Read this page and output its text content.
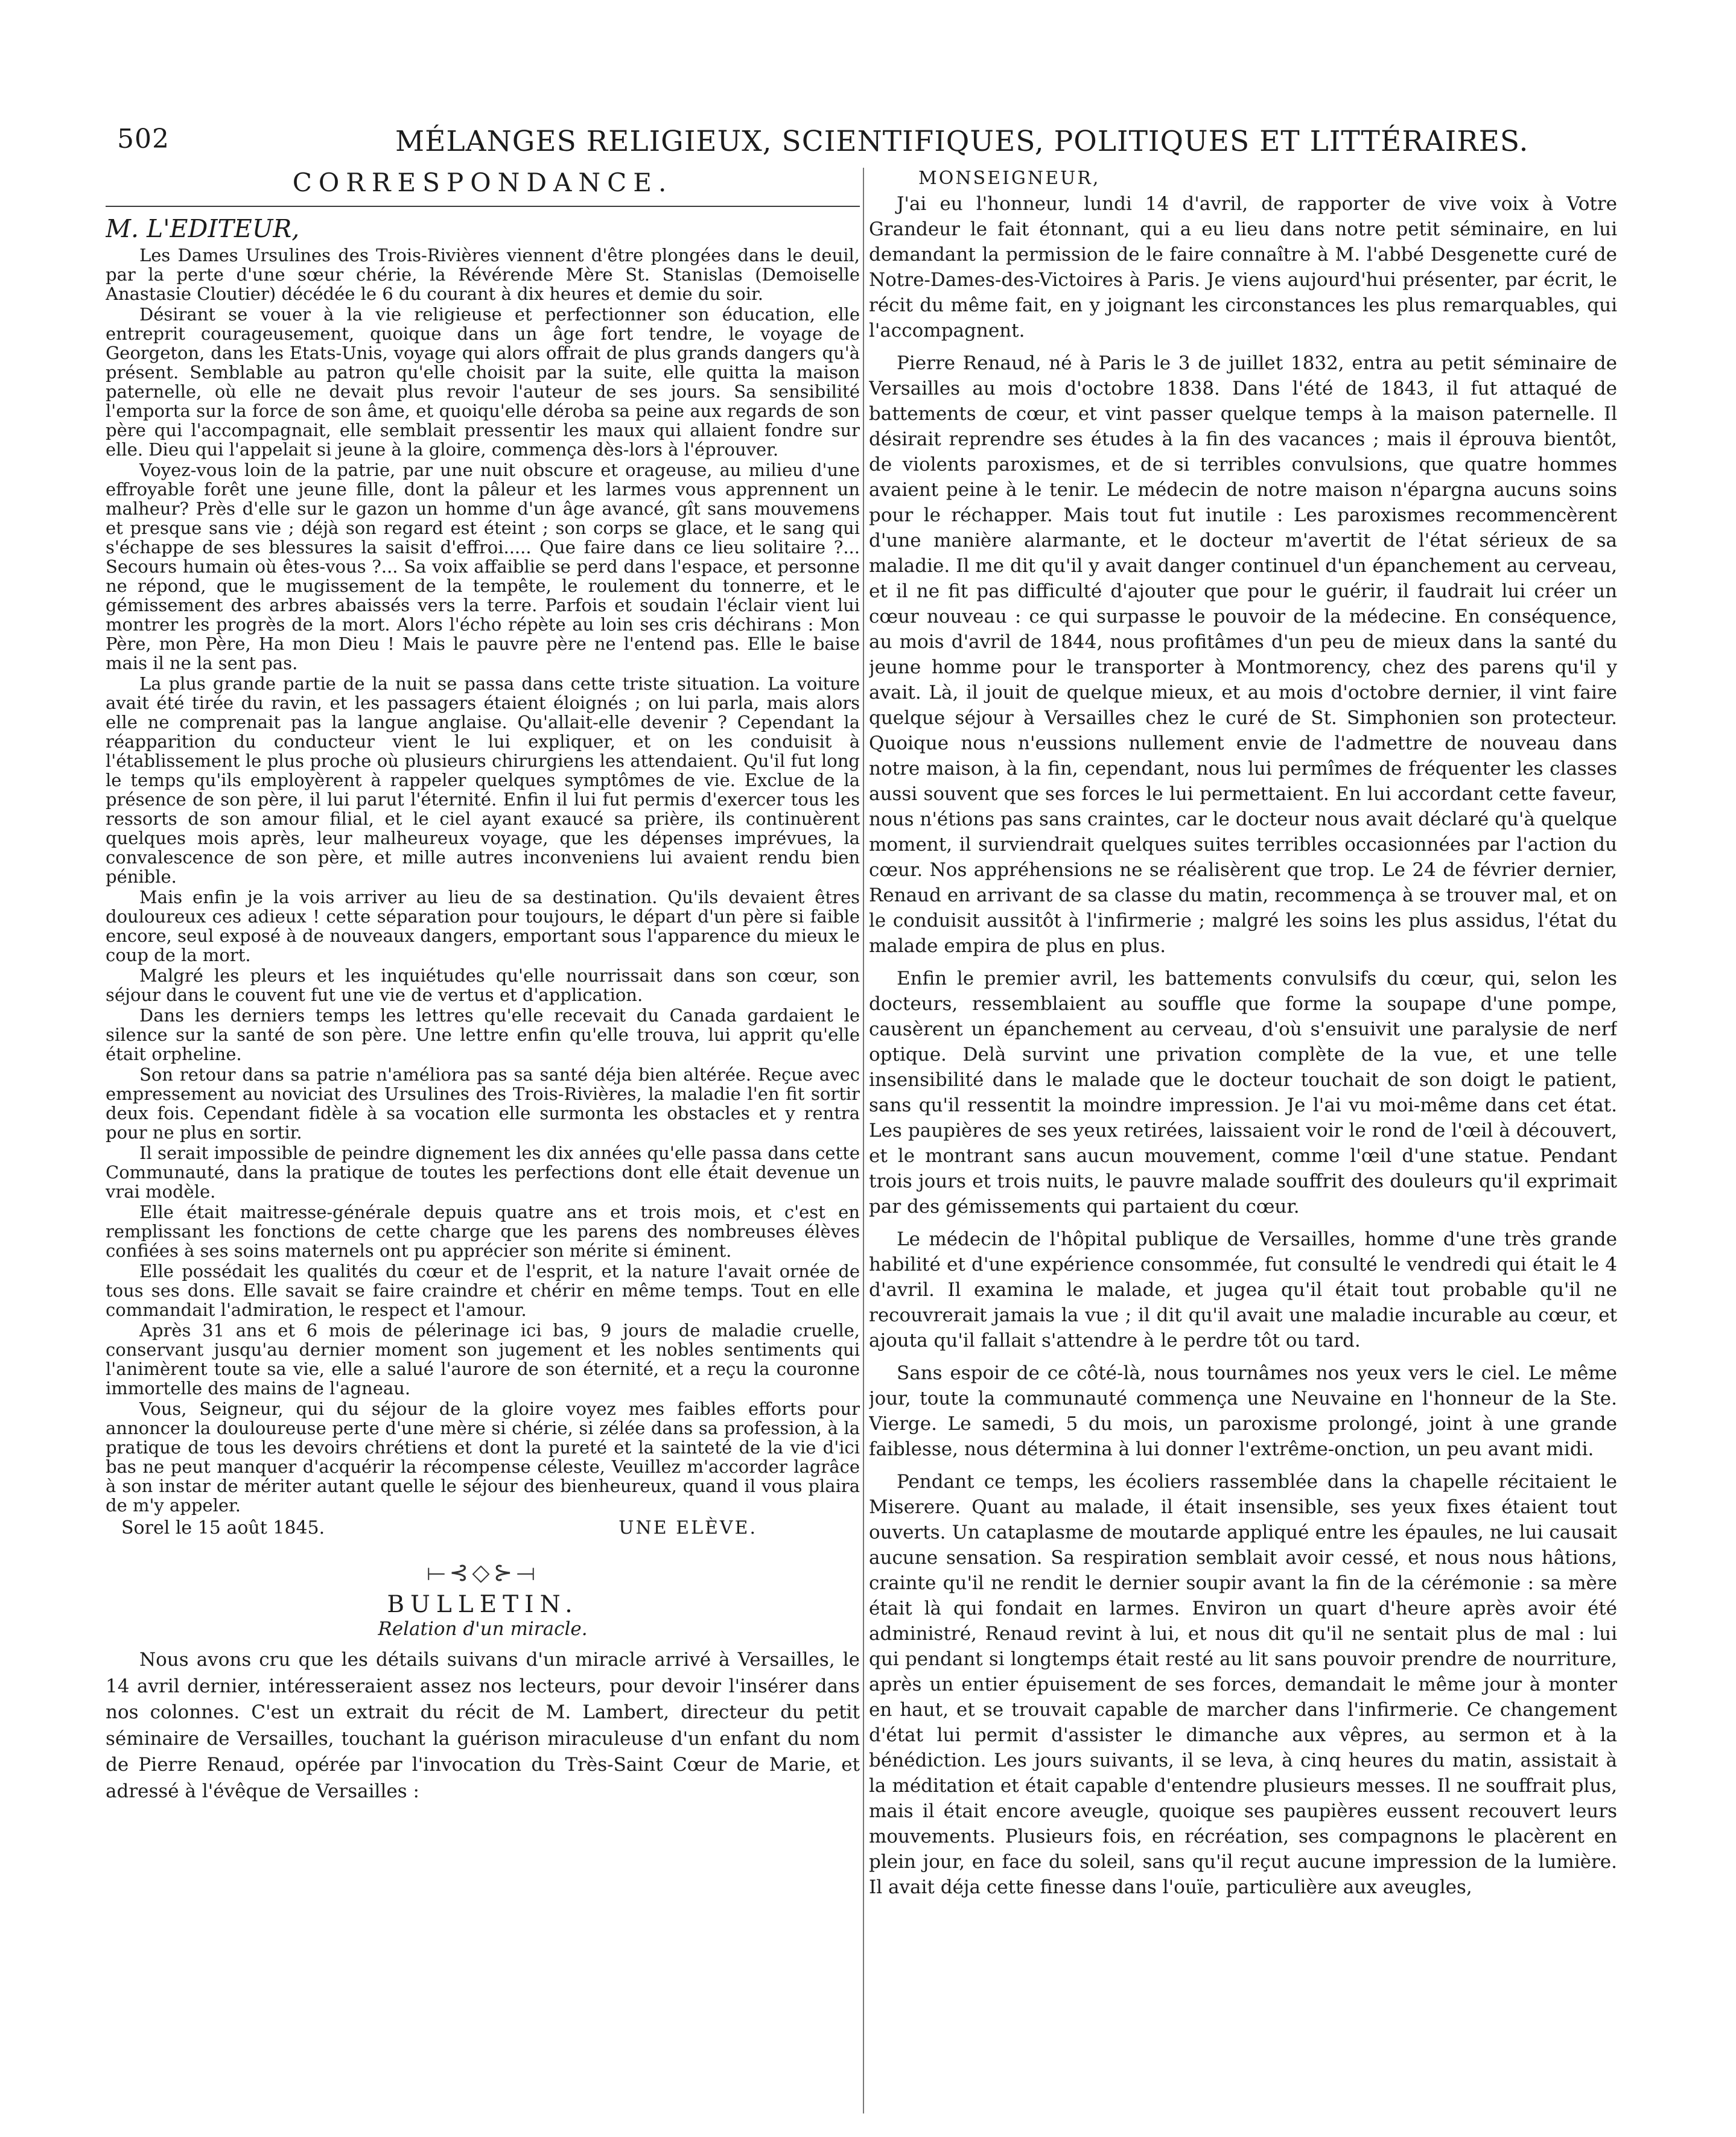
502	MÉLANGES RELIGIEUX, SCIENTIFIQUES, POLITIQUES ET LITTÉRAIRES.
CORRESPONDANCE.
M. L'EDITEUR,

Les Dames Ursulines des Trois-Rivières viennent d'être plongées dans le deuil, par la perte d'une sœur chérie, la Révérende Mère St. Stanislas (Demoiselle Anastasie Cloutier) décédée le 6 du courant à dix heures et demie du soir.

Désirant se vouer à la vie religieuse et perfectionner son éducation, elle entreprit courageusement, quoique dans un âge fort tendre, le voyage de Georgeton, dans les Etats-Unis, voyage qui alors offrait de plus grands dangers qu'à présent. Semblable au patron qu'elle choisit par la suite, elle quitta la maison paternelle, où elle ne devait plus revoir l'auteur de ses jours. Sa sensibilité l'emporta sur la force de son âme, et quoiqu'elle déroba sa peine aux regards de son père qui l'accompagnait, elle semblait pressentir les maux qui allaient fondre sur elle. Dieu qui l'appelait si jeune à la gloire, commença dès-lors à l'éprouver.

Voyez-vous loin de la patrie, par une nuit obscure et orageuse, au milieu d'une effroyable forêt une jeune fille, dont la pâleur et les larmes vous apprennent un malheur? Près d'elle sur le gazon un homme d'un âge avancé, gît sans mouvemens et presque sans vie ; déjà son regard est éteint ; son corps se glace, et le sang qui s'échappe de ses blessures la saisit d'effroi..... Que faire dans ce lieu solitaire ?... Secours humain où êtes-vous ?... Sa voix affaiblie se perd dans l'espace, et personne ne répond, que le mugissement de la tempête, le roulement du tonnerre, et le gémissement des arbres abaissés vers la terre. Parfois et soudain l'éclair vient lui montrer les progrès de la mort. Alors l'écho répète au loin ses cris déchirans : Mon Père, mon Père, Ha mon Dieu ! Mais le pauvre père ne l'entend pas. Elle le baise mais il ne la sent pas.

La plus grande partie de la nuit se passa dans cette triste situation. La voiture avait été tirée du ravin, et les passagers étaient éloignés ; on lui parla, mais alors elle ne comprenait pas la langue anglaise. Qu'allait-elle devenir ? Cependant la réapparition du conducteur vient le lui expliquer, et on les conduisit à l'établissement le plus proche où plusieurs chirurgiens les attendaient. Qu'il fut long le temps qu'ils employèrent à rappeler quelques symptômes de vie. Exclue de la présence de son père, il lui parut l'éternité. Enfin il lui fut permis d'exercer tous les ressorts de son amour filial, et le ciel ayant exaucé sa prière, ils continuèrent quelques mois après, leur malheureux voyage, que les dépenses imprévues, la convalescence de son père, et mille autres inconveniens lui avaient rendu bien pénible.

Mais enfin je la vois arriver au lieu de sa destination. Qu'ils devaient êtres douloureux ces adieux ! cette séparation pour toujours, le départ d'un père si faible encore, seul exposé à de nouveaux dangers, emportant sous l'apparence du mieux le coup de la mort.

Malgré les pleurs et les inquiétudes qu'elle nourrissait dans son cœur, son séjour dans le couvent fut une vie de vertus et d'application.

Dans les derniers temps les lettres qu'elle recevait du Canada gardaient le silence sur la santé de son père. Une lettre enfin qu'elle trouva, lui apprit qu'elle était orpheline.

Son retour dans sa patrie n'améliora pas sa santé déja bien altérée. Reçue avec empressement au noviciat des Ursulines des Trois-Rivières, la maladie l'en fit sortir deux fois. Cependant fidèle à sa vocation elle surmonta les obstacles et y rentra pour ne plus en sortir.

Il serait impossible de peindre dignement les dix années qu'elle passa dans cette Communauté, dans la pratique de toutes les perfections dont elle était devenue un vrai modèle.

Elle était maitresse-générale depuis quatre ans et trois mois, et c'est en remplissant les fonctions de cette charge que les parens des nombreuses élèves confiées à ses soins maternels ont pu apprécier son mérite si éminent.

Elle possédait les qualités du cœur et de l'esprit, et la nature l'avait ornée de tous ses dons. Elle savait se faire craindre et chérir en même temps. Tout en elle commandait l'admiration, le respect et l'amour.

Après 31 ans et 6 mois de pélerinage ici bas, 9 jours de maladie cruelle, conservant jusqu'au dernier moment son jugement et les nobles sentiments qui l'animèrent toute sa vie, elle a salué l'aurore de son éternité, et a reçu la couronne immortelle des mains de l'agneau.

Vous, Seigneur, qui du séjour de la gloire voyez mes faibles efforts pour annoncer la douloureuse perte d'une mère si chérie, si zélée dans sa profession, à la pratique de tous les devoirs chrétiens et dont la pureté et la sainteté de la vie d'ici bas ne peut manquer d'acquérir la récompense céleste, Veuillez m'accorder lagrâce à son instar de mériter autant quelle le séjour des bienheureux, quand il vous plaira de m'y appeler.

Sorel le 15 août 1845.	UNE ELÈVE.
⟝⊰◇⊱⟞
BULLETIN.
Relation d'un miracle.

Nous avons cru que les détails suivans d'un miracle arrivé à Versailles, le 14 avril dernier, intéresseraient assez nos lecteurs, pour devoir l'insérer dans nos colonnes. C'est un extrait du récit de M. Lambert, directeur du petit séminaire de Versailles, touchant la guérison miraculeuse d'un enfant du nom de Pierre Renaud, opérée par l'invocation du Très-Saint Cœur de Marie, et adressé à l'évêque de Versailles :

MONSEIGNEUR,

J'ai eu l'honneur, lundi 14 d'avril, de rapporter de vive voix à Votre Grandeur le fait étonnant, qui a eu lieu dans notre petit séminaire, en lui demandant la permission de le faire connaître à M. l'abbé Desgenette curé de Notre-Dames-des-Victoires à Paris. Je viens aujourd'hui présenter, par écrit, le récit du même fait, en y joignant les circonstances les plus remarquables, qui l'accompagnent.

Pierre Renaud, né à Paris le 3 de juillet 1832, entra au petit séminaire de Versailles au mois d'octobre 1838. Dans l'été de 1843, il fut attaqué de battements de cœur, et vint passer quelque temps à la maison paternelle. Il désirait reprendre ses études à la fin des vacances ; mais il éprouva bientôt, de violents paroxismes, et de si terribles convulsions, que quatre hommes avaient peine à le tenir. Le médecin de notre maison n'épargna aucuns soins pour le réchapper. Mais tout fut inutile : Les paroxismes recommencèrent d'une manière alarmante, et le docteur m'avertit de l'état sérieux de sa maladie. Il me dit qu'il y avait danger continuel d'un épanchement au cerveau, et il ne fit pas difficulté d'ajouter que pour le guérir, il faudrait lui créer un cœur nouveau : ce qui surpasse le pouvoir de la médecine. En conséquence, au mois d'avril de 1844, nous profitâmes d'un peu de mieux dans la santé du jeune homme pour le transporter à Montmorency, chez des parens qu'il y avait. Là, il jouit de quelque mieux, et au mois d'octobre dernier, il vint faire quelque séjour à Versailles chez le curé de St. Simphonien son protecteur. Quoique nous n'eussions nullement envie de l'admettre de nouveau dans notre maison, à la fin, cependant, nous lui permîmes de fréquenter les classes aussi souvent que ses forces le lui permettaient. En lui accordant cette faveur, nous n'étions pas sans craintes, car le docteur nous avait déclaré qu'à quelque moment, il surviendrait quelques suites terribles occasionnées par l'action du cœur. Nos appréhensions ne se réalisèrent que trop. Le 24 de février dernier, Renaud en arrivant de sa classe du matin, recommença à se trouver mal, et on le conduisit aussitôt à l'infirmerie ; malgré les soins les plus assidus, l'état du malade empira de plus en plus.

Enfin le premier avril, les battements convulsifs du cœur, qui, selon les docteurs, ressemblaient au souffle que forme la soupape d'une pompe, causèrent un épanchement au cerveau, d'où s'ensuivit une paralysie de nerf optique. Delà survint une privation complète de la vue, et une telle insensibilité dans le malade que le docteur touchait de son doigt le patient, sans qu'il ressentit la moindre impression. Je l'ai vu moi-même dans cet état. Les paupières de ses yeux retirées, laissaient voir le rond de l'œil à découvert, et le montrant sans aucun mouvement, comme l'œil d'une statue. Pendant trois jours et trois nuits, le pauvre malade souffrit des douleurs qu'il exprimait par des gémissements qui partaient du cœur.

Le médecin de l'hôpital publique de Versailles, homme d'une très grande habilité et d'une expérience consommée, fut consulté le vendredi qui était le 4 d'avril. Il examina le malade, et jugea qu'il était tout probable qu'il ne recouvrerait jamais la vue ; il dit qu'il avait une maladie incurable au cœur, et ajouta qu'il fallait s'attendre à le perdre tôt ou tard.

Sans espoir de ce côté-là, nous tournâmes nos yeux vers le ciel. Le même jour, toute la communauté commença une Neuvaine en l'honneur de la Ste. Vierge. Le samedi, 5 du mois, un paroxisme prolongé, joint à une grande faiblesse, nous détermina à lui donner l'extrême-onction, un peu avant midi.

Pendant ce temps, les écoliers rassemblée dans la chapelle récitaient le Miserere. Quant au malade, il était insensible, ses yeux fixes étaient tout ouverts. Un cataplasme de moutarde appliqué entre les épaules, ne lui causait aucune sensation. Sa respiration semblait avoir cessé, et nous nous hâtions, crainte qu'il ne rendit le dernier soupir avant la fin de la cérémonie : sa mère était là qui fondait en larmes. Environ un quart d'heure après avoir été administré, Renaud revint à lui, et nous dit qu'il ne sentait plus de mal : lui qui pendant si longtemps était resté au lit sans pouvoir prendre de nourriture, après un entier épuisement de ses forces, demandait le même jour à monter en haut, et se trouvait capable de marcher dans l'infirmerie. Ce changement d'état lui permit d'assister le dimanche aux vêpres, au sermon et à la bénédiction. Les jours suivants, il se leva, à cinq heures du matin, assistait à la méditation et était capable d'entendre plusieurs messes. Il ne souffrait plus, mais il était encore aveugle, quoique ses paupières eussent recouvert leurs mouvements. Plusieurs fois, en récréation, ses compagnons le placèrent en plein jour, en face du soleil, sans qu'il reçut aucune impression de la lumière. Il avait déja cette finesse dans l'ouïe, particulière aux aveugles,
